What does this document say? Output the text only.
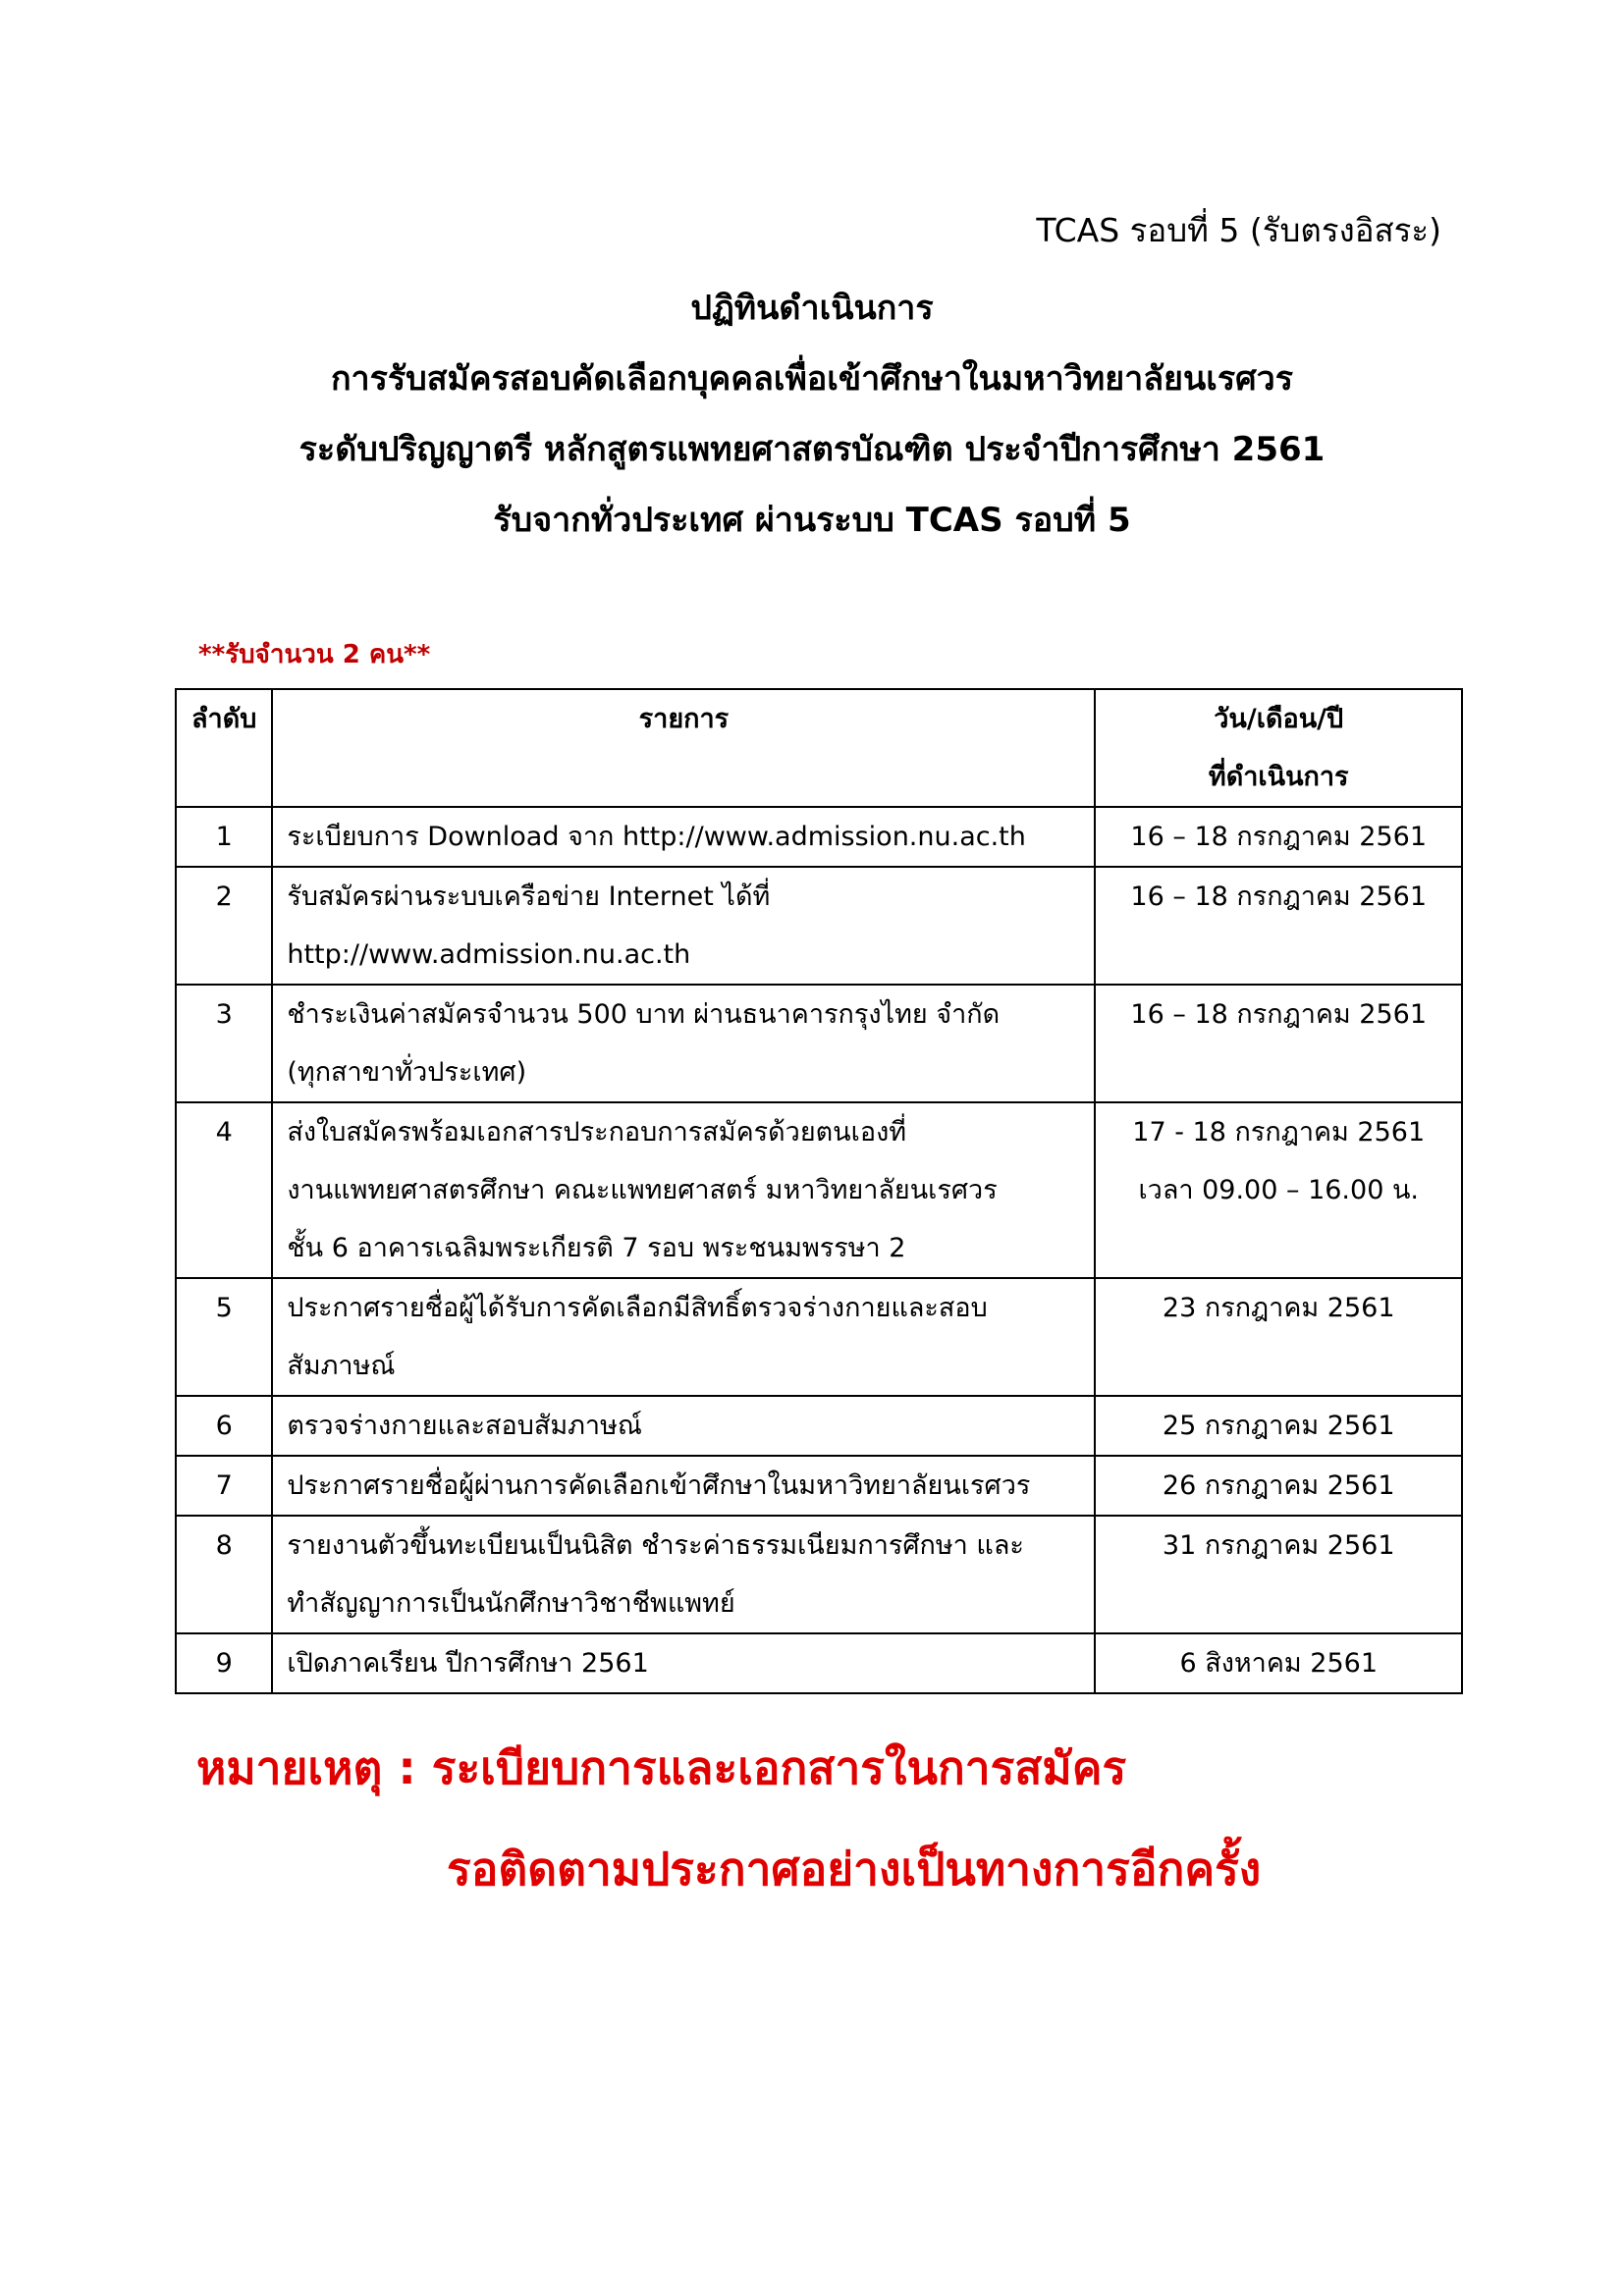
TCAS รอบที่ 5 (รับตรงอิสระ)
ปฏิทินดำเนินการ
การรับสมัครสอบคัดเลือกบุคคลเพื่อเข้าศึกษาในมหาวิทยาลัยนเรศวร
ระดับปริญญาตรี หลักสูตรแพทยศาสตรบัณฑิต ประจำปีการศึกษา 2561
รับจากทั่วประเทศ ผ่านระบบ TCAS รอบที่ 5
**รับจำนวน 2 คน**
ลำดับ	รายการ	วัน/เดือน/ปี
ที่ดำเนินการ

1	ระเบียบการ Download จาก http://www.admission.nu.ac.th	16 – 18 กรกฎาคม 2561

2	รับสมัครผ่านระบบเครือข่าย Internet ได้ที่
http://www.admission.nu.ac.th	16 – 18 กรกฎาคม 2561

3	ชำระเงินค่าสมัครจำนวน 500 บาท ผ่านธนาคารกรุงไทย จำกัด
(ทุกสาขาทั่วประเทศ)	16 – 18 กรกฎาคม 2561

4	ส่งใบสมัครพร้อมเอกสารประกอบการสมัครด้วยตนเองที่
งานแพทยศาสตรศึกษา คณะแพทยศาสตร์ มหาวิทยาลัยนเรศวร
ชั้น 6 อาคารเฉลิมพระเกียรติ 7 รอบ พระชนมพรรษา 2	17 - 18 กรกฎาคม 2561
เวลา 09.00 – 16.00 น.

5	ประกาศรายชื่อผู้ได้รับการคัดเลือกมีสิทธิ์ตรวจร่างกายและสอบ
สัมภาษณ์	23 กรกฎาคม 2561

6	ตรวจร่างกายและสอบสัมภาษณ์	25 กรกฎาคม 2561

7	ประกาศรายชื่อผู้ผ่านการคัดเลือกเข้าศึกษาในมหาวิทยาลัยนเรศวร	26 กรกฎาคม 2561

8	รายงานตัวขึ้นทะเบียนเป็นนิสิต ชำระค่าธรรมเนียมการศึกษา และ
ทำสัญญาการเป็นนักศึกษาวิชาชีพแพทย์	31 กรกฎาคม 2561

9	เปิดภาคเรียน ปีการศึกษา 2561	6 สิงหาคม 2561
หมายเหตุ : ระเบียบการและเอกสารในการสมัคร
รอติดตามประกาศอย่างเป็นทางการอีกครั้ง
